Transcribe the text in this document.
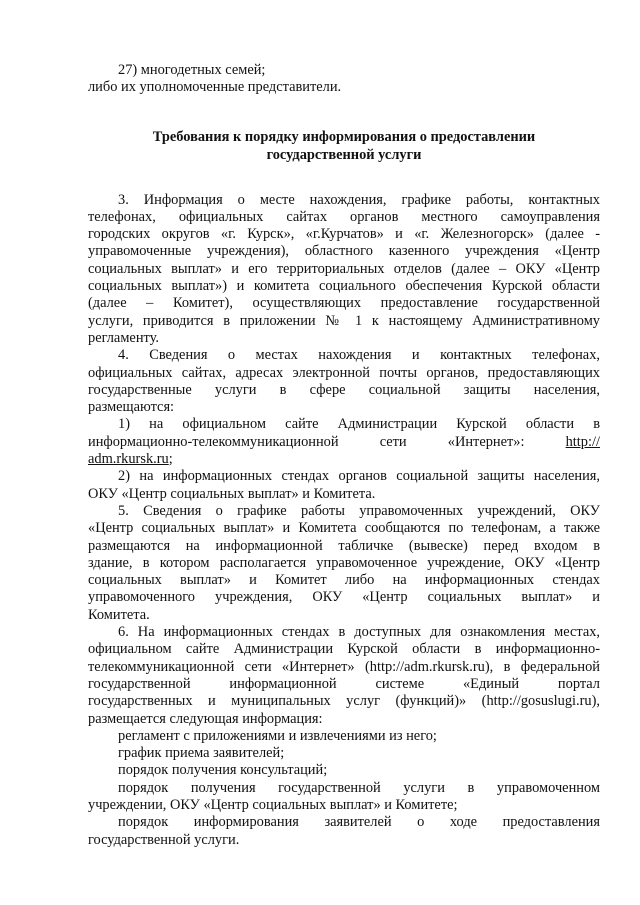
27) многодетных семей;
либо их уполномоченные представители.
Требования к порядку информирования о предоставлении
государственной услуги
3. Информация о месте нахождения, графике работы, контактных
телефонах, официальных сайтах органов местного самоуправления
городских округов «г. Курск», «г.Курчатов» и «г. Железногорск» (далее -
управомоченные учреждения), областного казенного учреждения «Центр
социальных выплат» и его территориальных отделов (далее – ОКУ «Центр
социальных выплат») и комитета социального обеспечения Курской области
(далее – Комитет), осуществляющих предоставление государственной
услуги, приводится в приложении № 1 к настоящему Административному
регламенту.
4. Сведения о местах нахождения и контактных телефонах,
официальных сайтах, адресах электронной почты органов, предоставляющих
государственные услуги в сфере социальной защиты населения,
размещаются:
1) на официальном сайте Администрации Курской области в
информационно-телекоммуникационной сети «Интернет»:	http://
adm.rkursk.ru;
2) на информационных стендах органов социальной защиты населения,
ОКУ «Центр социальных выплат» и Комитета.
5. Сведения о графике работы управомоченных учреждений, ОКУ
«Центр социальных выплат» и Комитета сообщаются по телефонам, а также
размещаются на информационной табличке (вывеске) перед входом в
здание, в котором располагается управомоченное учреждение, ОКУ «Центр
социальных выплат» и Комитет либо на информационных стендах
управомоченного учреждения, ОКУ «Центр социальных выплат» и
Комитета.
6. На информационных стендах в доступных для ознакомления местах,
официальном сайте Администрации Курской области в информационно-
телекоммуникационной сети «Интернет» (http://adm.rkursk.ru), в федеральной
государственной информационной системе «Единый портал
государственных и муниципальных услуг (функций)» (http://gosuslugi.ru),
размещается следующая информация:
регламент с приложениями и извлечениями из него;
график приема заявителей;
порядок получения консультаций;
порядок получения государственной услуги в управомоченном
учреждении, ОКУ «Центр социальных выплат» и Комитете;
порядок информирования заявителей о ходе предоставления
государственной услуги.
